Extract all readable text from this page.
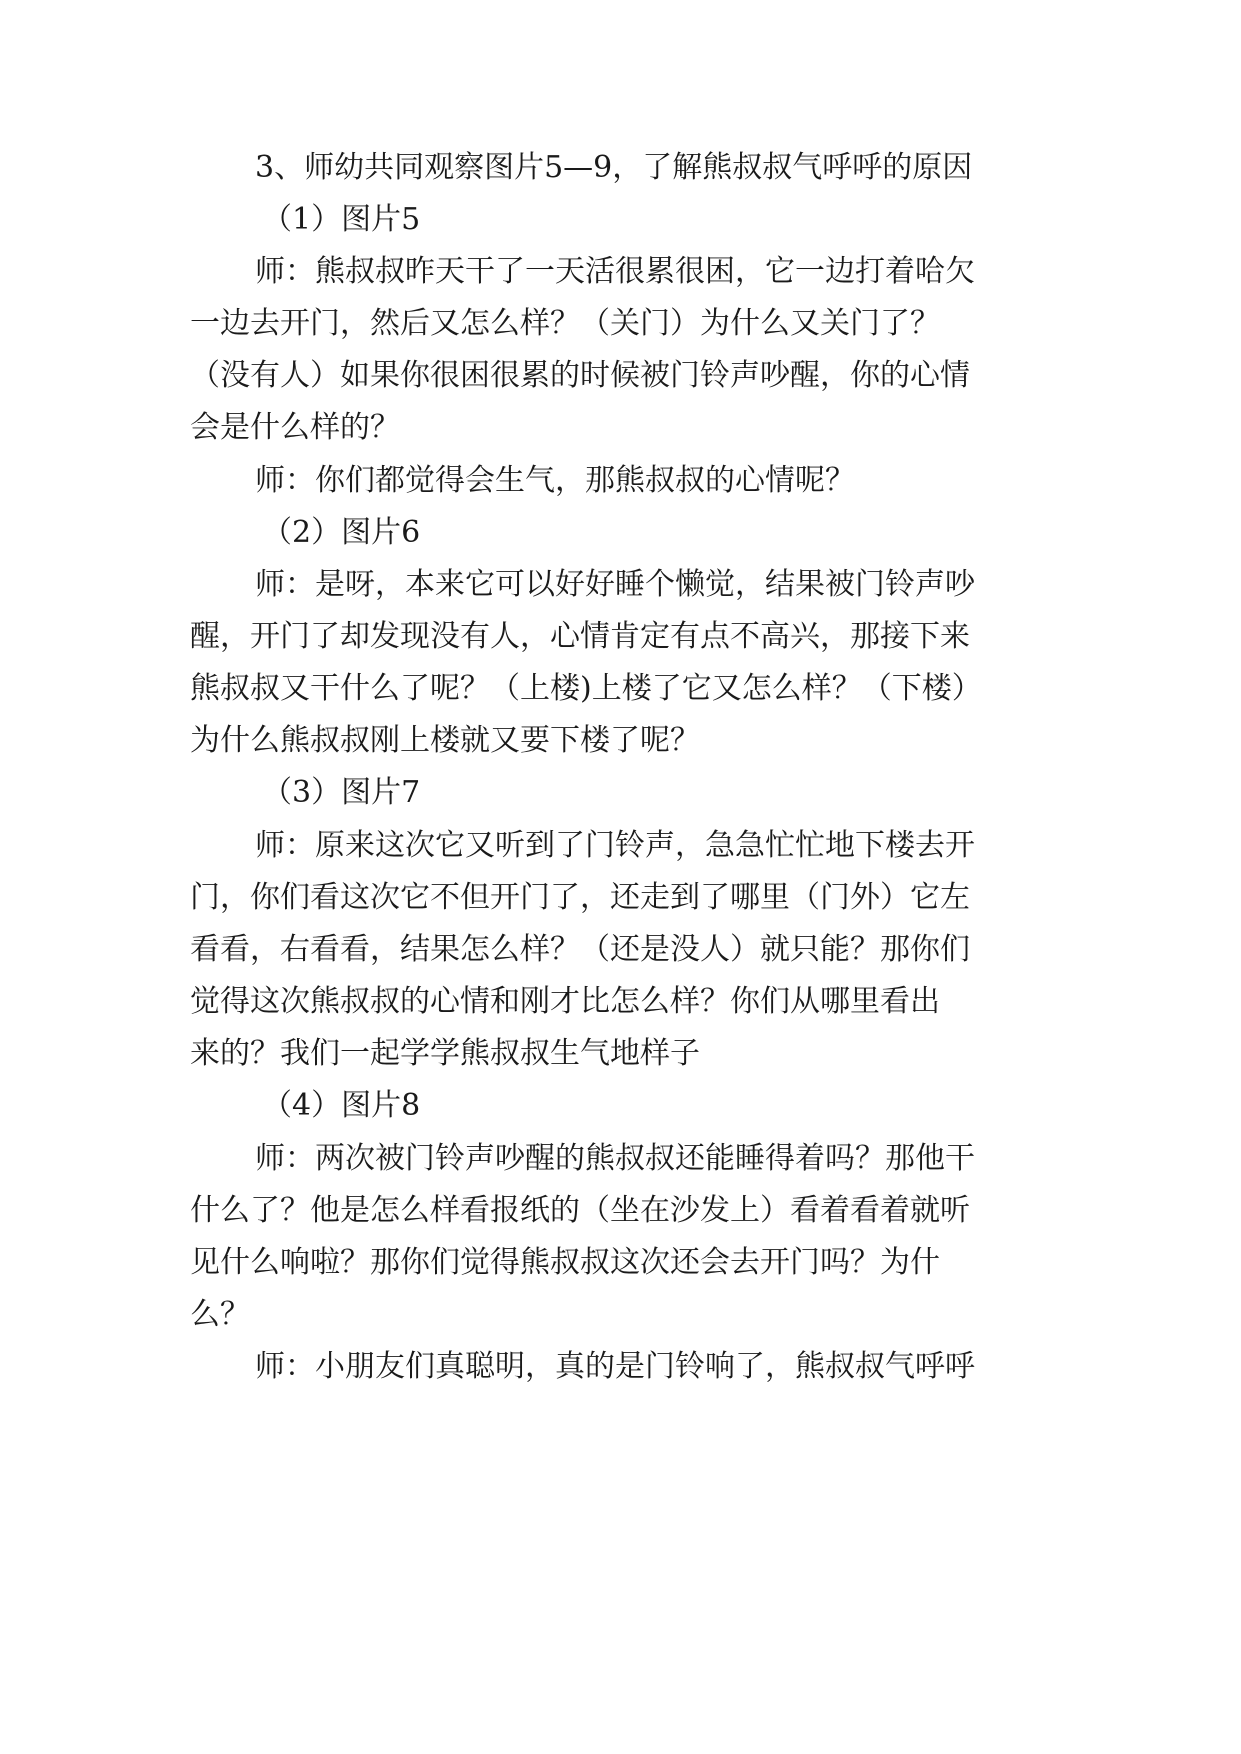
3、师幼共同观察图片5—9，了解熊叔叔气呼呼的原因
（1）图片5
师：熊叔叔昨天干了一天活很累很困，它一边打着哈欠
一边去开门，然后又怎么样？（关门）为什么又关门了？
（没有人）如果你很困很累的时候被门铃声吵醒，你的心情
会是什么样的？
师：你们都觉得会生气，那熊叔叔的心情呢？
（2）图片6
师：是呀，本来它可以好好睡个懒觉，结果被门铃声吵
醒，开门了却发现没有人，心情肯定有点不高兴，那接下来
熊叔叔又干什么了呢？（上楼)上楼了它又怎么样？（下楼）
为什么熊叔叔刚上楼就又要下楼了呢？
（3）图片7
师：原来这次它又听到了门铃声，急急忙忙地下楼去开
门，你们看这次它不但开门了，还走到了哪里（门外）它左
看看，右看看，结果怎么样？（还是没人）就只能？那你们
觉得这次熊叔叔的心情和刚才比怎么样？你们从哪里看出
来的？我们一起学学熊叔叔生气地样子
（4）图片8
师：两次被门铃声吵醒的熊叔叔还能睡得着吗？那他干
什么了？他是怎么样看报纸的（坐在沙发上）看着看着就听
见什么响啦？那你们觉得熊叔叔这次还会去开门吗？为什
么？
师：小朋友们真聪明，真的是门铃响了，熊叔叔气呼呼
